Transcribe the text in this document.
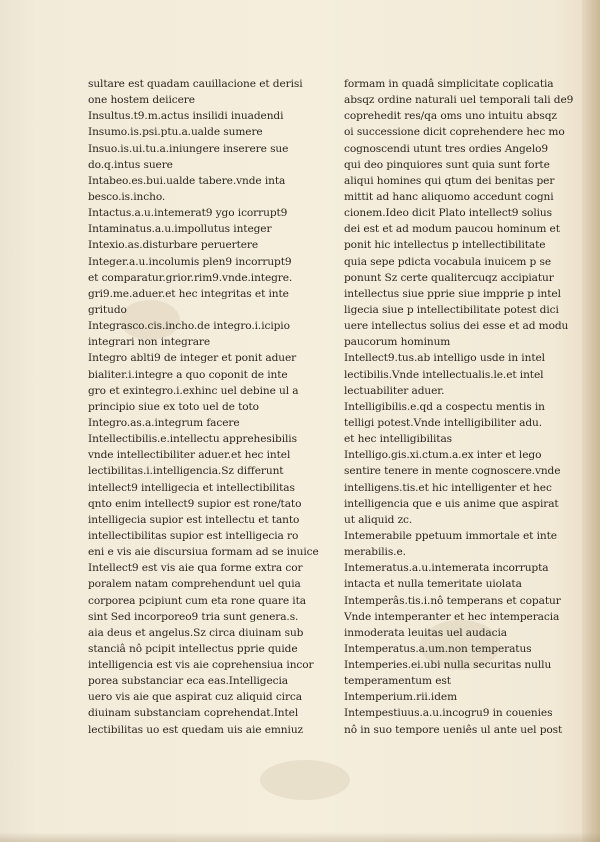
sultare est quadam cauillacione et derisi
one hostem deiicere
Insultus.t9.m.actus insilidi inuadendi
Insumo.is.psi.ptu.a.ualde sumere
Insuo.is.ui.tu.a.iniungere inserere sue
do.q.intus suere
Intabeo.es.bui.ualde tabere.vnde inta
besco.is.incho.
Intactus.a.u.intemerat9 ygo icorrupt9
Intaminatus.a.u.impollutus integer
Intexio.as.disturbare peruertere
Integer.a.u.incolumis plen9 incorrupt9
et comparatur.grior.rim9.vnde.integre.
gri9.me.aduer.et hec integritas et inte
gritudo
Integrasco.cis.incho.de integro.i.icipio
integrari non integrare
Integro ablti9 de integer et ponit aduer
bialiter.i.integre a quo coponit de inte
gro et exintegro.i.exhinc uel debine ul a
principio siue ex toto uel de toto
Integro.as.a.integrum facere
Intellectibilis.e.intellectu apprehesibilis
vnde intellectibiliter aduer.et hec intel
lectibilitas.i.intelligencia.Sz differunt
intellect9 intelligecia et intellectibilitas
qnto enim intellect9 supior est rone/tato
intelligecia supior est intellectu et tanto
intellectibilitas supior est intelligecia ro
eni e vis aie discursiua formam ad se inuice
Intellect9 est vis aie qua forme extra cor
poralem natam comprehendunt uel quia
corporea pcipiunt cum eta rone quare ita
sint Sed incorporeo9 tria sunt genera.s.
aia deus et angelus.Sz circa diuinam sub
stanciâ nô pcipit intellectus pprie quide
intelligencia est vis aie coprehensiua incor
porea substanciar eca eas.Intelligecia
uero vis aie que aspirat cuz aliquid circa
diuinam substanciam coprehendat.Intel
lectibilitas uo est quedam uis aie emniuz
formam in quadâ simplicitate coplicatia
absqz ordine naturali uel temporali tali de9
coprehedit res/qa oms uno intuitu absqz
oi successione dicit coprehendere hec mo
cognoscendi utunt tres ordies Angelo9
qui deo pinquiores sunt quia sunt forte
aliqui homines qui qtum dei benitas per
mittit ad hanc aliquomo accedunt cogni
cionem.Ideo dicit Plato intellect9 solius
dei est et ad modum paucou hominum et
ponit hic intellectus p intellectibilitate
quia sepe pdicta vocabula inuicem p se
ponunt Sz certe qualitercuqz accipiatur
intellectus siue pprie siue impprie p intel
ligecia siue p intellectibilitate potest dici
uere intellectus solius dei esse et ad modu
paucorum hominum
Intellect9.tus.ab intelligo usde in intel
lectibilis.Vnde intellectualis.le.et intel
lectuabiliter aduer.
Intelligibilis.e.qd a cospectu mentis in
telligi potest.Vnde intelligibiliter adu.
et hec intelligibilitas
Intelligo.gis.xi.ctum.a.ex inter et lego
sentire tenere in mente cognoscere.vnde
intelligens.tis.et hic intelligenter et hec
intelligencia que e uis anime que aspirat
ut aliquid zc.
Intemerabile ppetuum immortale et inte
merabilis.e.
Intemeratus.a.u.intemerata incorrupta
intacta et nulla temeritate uiolata
Intemperâs.tis.i.nô temperans et copatur
Vnde intemperanter et hec intemperacia
inmoderata leuitas uel audacia
Intemperatus.a.um.non temperatus
Intemperies.ei.ubi nulla securitas nullu
temperamentum est
Intemperium.rii.idem
Intempestiuus.a.u.incogru9 in couenies
nô in suo tempore ueniês ul ante uel post
